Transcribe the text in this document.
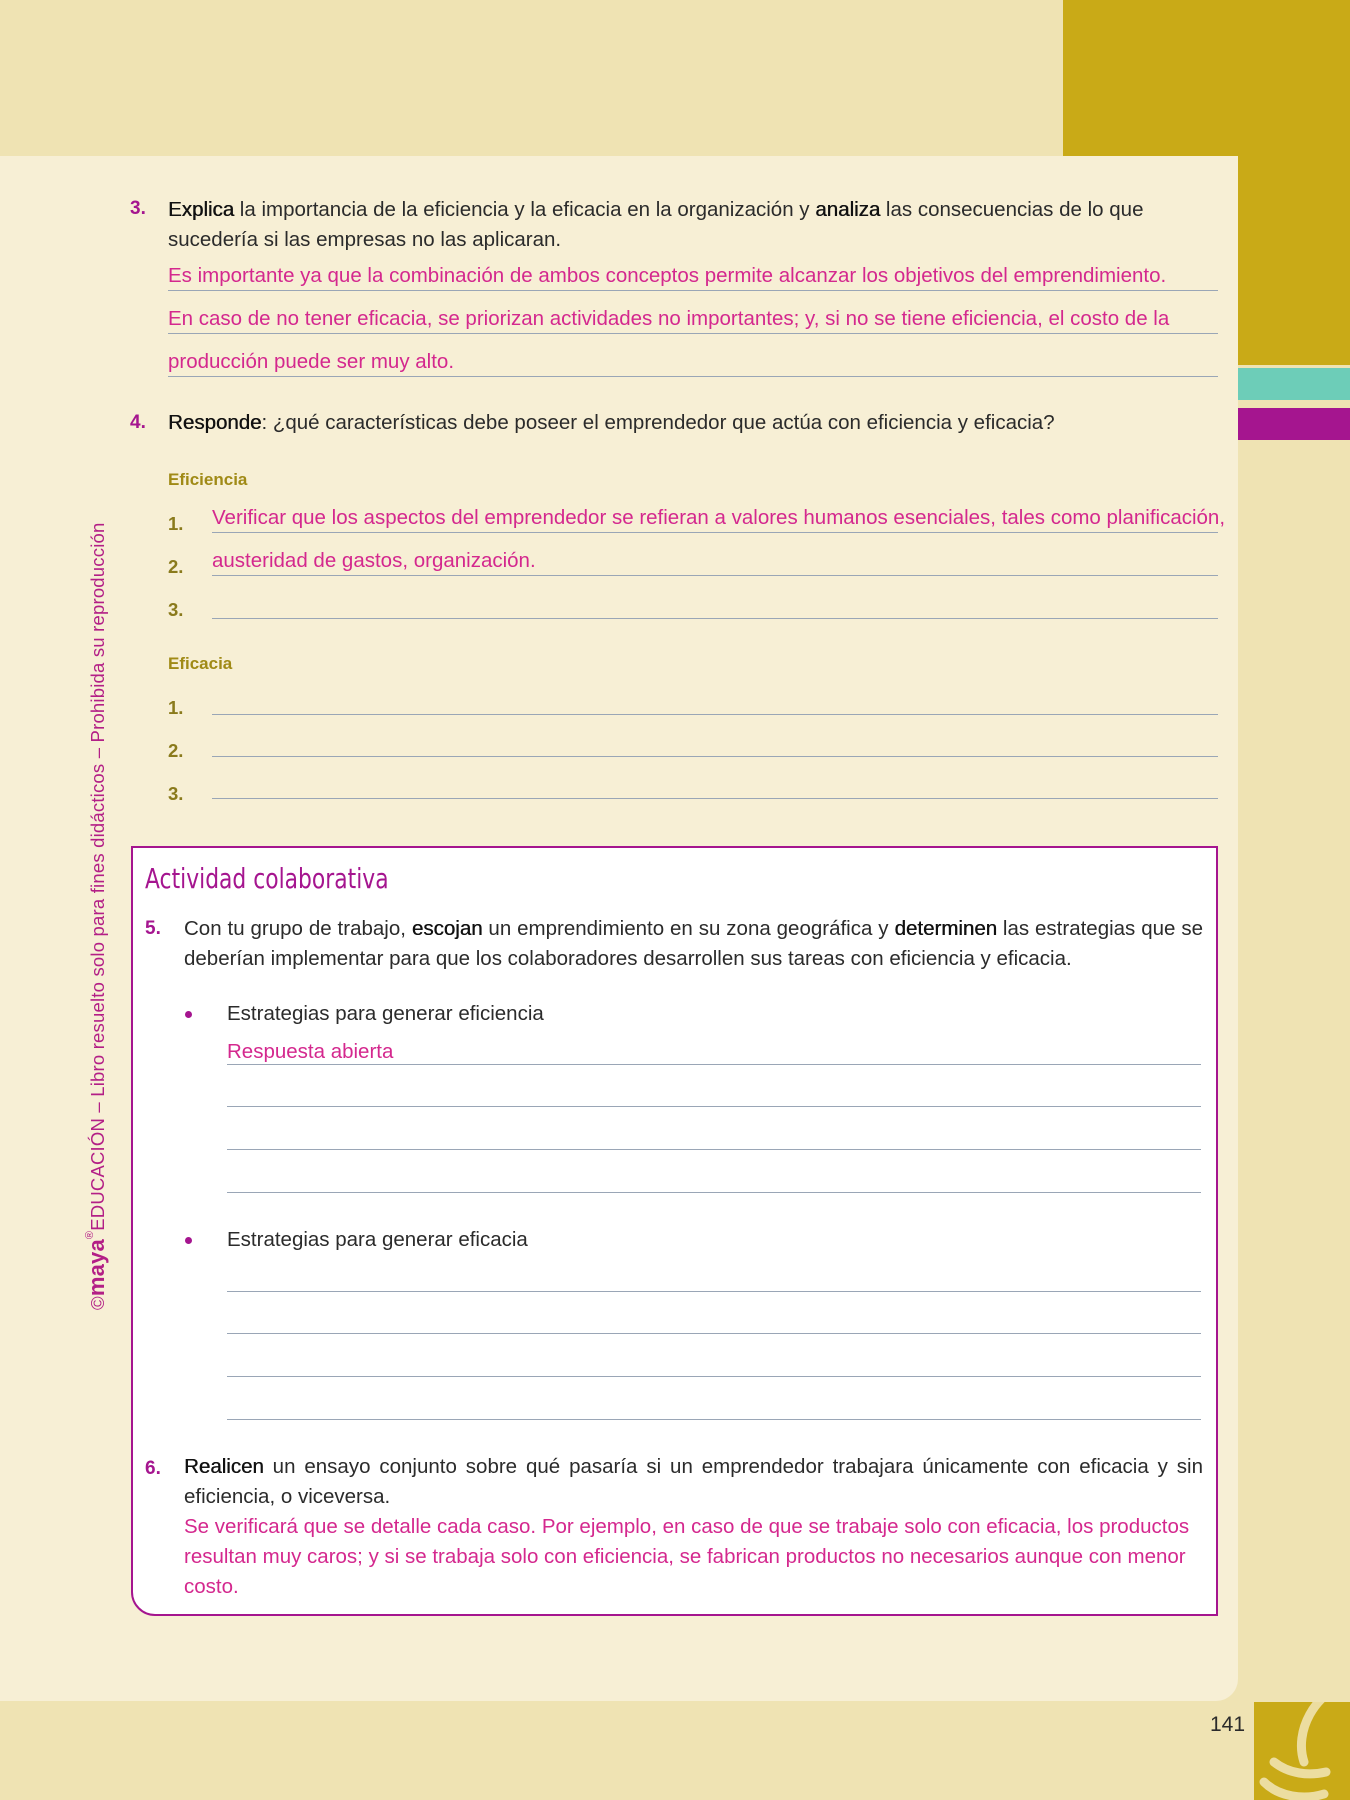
141
©maya®EDUCACIÓN – Libro resuelto solo para fines didácticos – Prohibida su reproducción
3. Explica la importancia de la eficiencia y la eficacia en la organización y analiza las consecuencias de lo que sucedería si las empresas no las aplicaran.
Es importante ya que la combinación de ambos conceptos permite alcanzar los objetivos del emprendimiento.
En caso de no tener eficacia, se priorizan actividades no importantes; y, si no se tiene eficiencia, el costo de la
producción puede ser muy alto.
4. Responde: ¿qué características debe poseer el emprendedor que actúa con eficiencia y eficacia?
Eficiencia
1. Verificar que los aspectos del emprendedor se refieran a valores humanos esenciales, tales como planificación,
2. austeridad de gastos, organización.
3.
Eficacia
1.
2.
3.
Actividad colaborativa
5. Con tu grupo de trabajo, escojan un emprendimiento en su zona geográfica y determinen las estrategias que se deberían implementar para que los colaboradores desarrollen sus tareas con eficiencia y eficacia.
Estrategias para generar eficiencia
Respuesta abierta
Estrategias para generar eficacia
6. Realicen un ensayo conjunto sobre qué pasaría si un emprendedor trabajara únicamente con eficacia y sin eficiencia, o viceversa.
Se verificará que se detalle cada caso. Por ejemplo, en caso de que se trabaje solo con eficacia, los productos resultan muy caros; y si se trabaja solo con eficiencia, se fabrican productos no necesarios aunque con menor costo.
